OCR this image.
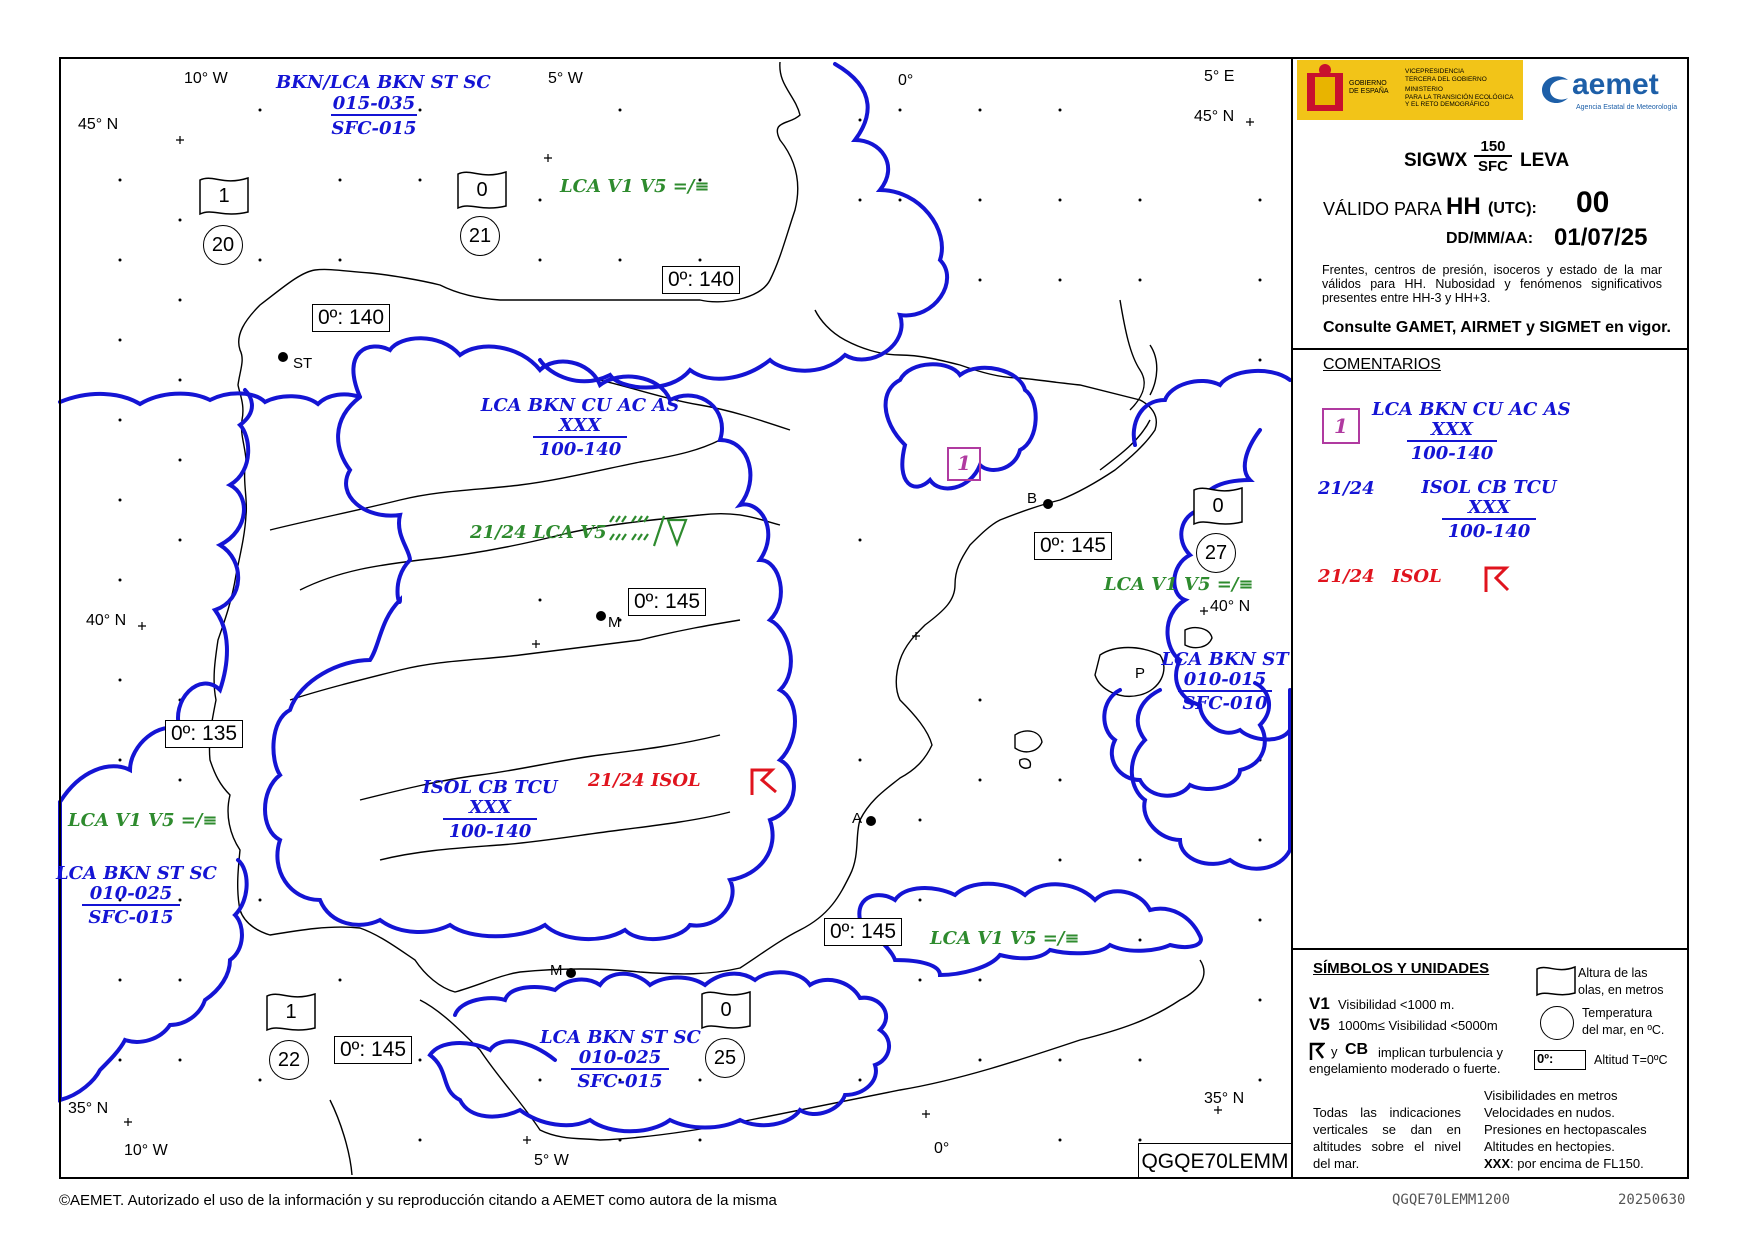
10° W	5° W	0°	5° E
45° N	45° N
40° N
40° N
35° N
35° N
10° W
5° W
0°
ST
M
B
A
M
P
0º: 140
0º: 140
0º: 145
0º: 145
0º: 135
0º: 145
0º: 145
1
20
0
21
0
27
1
22
0
25
BKN/LCA BKN ST SC
015-035
SFC-015
LCA V1 V5 =/≡
LCA BKN CU AC AS
XXX
100-140
21/24 LCA V5
1
LCA V1 V5 =/≡
LCA BKN ST
010-015
SFC-010
LCA V1 V5 =/≡
LCA BKN ST SC
010-025
SFC-015
ISOL CB TCU
XXX
100-140
21/24 ISOL
LCA V1 V5 =/≡
LCA BKN ST SC
010-025
SFC-015
QGQE70LEMM
GOBIERNO
DE ESPAÑA
VICEPRESIDENCIA
TERCERA DEL GOBIERNO
MINISTERIO
PARA LA TRANSICIÓN ECOLÓGICA
Y EL RETO DEMOGRÁFICO
aemet
Agencia Estatal de Meteorología
SIGWX
150
SFC LEVA
VÁLIDO PARA HH (UTC): 00
DD/MM/AA: 01/07/25
Frentes, centros de presión, isoceros y estado de la mar válidos para HH. Nubosidad y fenómenos significativos presentes entre HH-3 y HH+3.
Consulte GAMET, AIRMET y SIGMET en vigor.
COMENTARIOS
1
LCA BKN CU AC AS
XXX
100-140
21/24	ISOL CB TCU
XXX
100-140
21/24 ISOL
SÍMBOLOS Y UNIDADES
V1 Visibilidad <1000 m.
V5 1000m≤ Visibilidad <5000m
y CB implican turbulencia y
engelamiento moderado o fuerte.
Altura de las
olas, en metros
Temperatura
del mar, en ºC.
0º:	Altitud T=0ºC
Todas las indicaciones verticales se dan en altitudes sobre el nivel del mar.
Visibilidades en metros
Velocidades en nudos.
Presiones en hectopascales
Altitudes en hectopies.
XXX: por encima de FL150.
©AEMET. Autorizado el uso de la información y su reproducción citando a AEMET como autora de la misma	QGQE70LEMM1200	20250630
